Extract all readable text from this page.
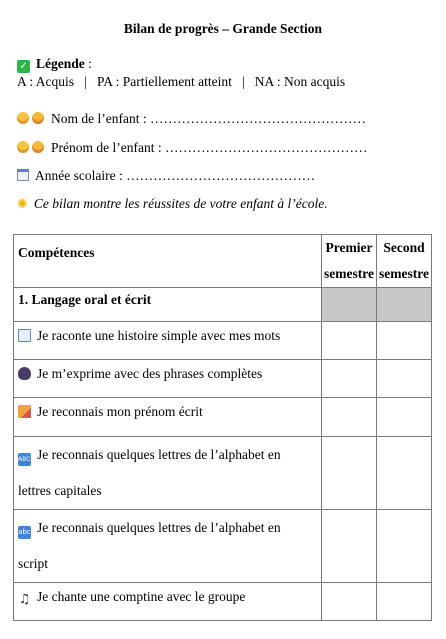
Bilan de progrès – Grande Section
✓ Légende :
A : Acquis   |   PA : Partiellement atteint   |   NA : Non acquis
Nom de l’enfant : …………………………………………
Prénom de l’enfant : ………………………………………
Année scolaire : ……………………………………
✺ Ce bilan montre les réussites de votre enfant à l’école.
Compétences	Premier semestre	Second semestre
1. Langage oral et écrit		
Je raconte une histoire simple avec mes mots		
Je m’exprime avec des phrases complètes		
Je reconnais mon prénom écrit		
ABCD Je reconnais quelques lettres de l’alphabet en
lettres capitales		
abc Je reconnais quelques lettres de l’alphabet en
script		
♫ Je chante une comptine avec le groupe		
